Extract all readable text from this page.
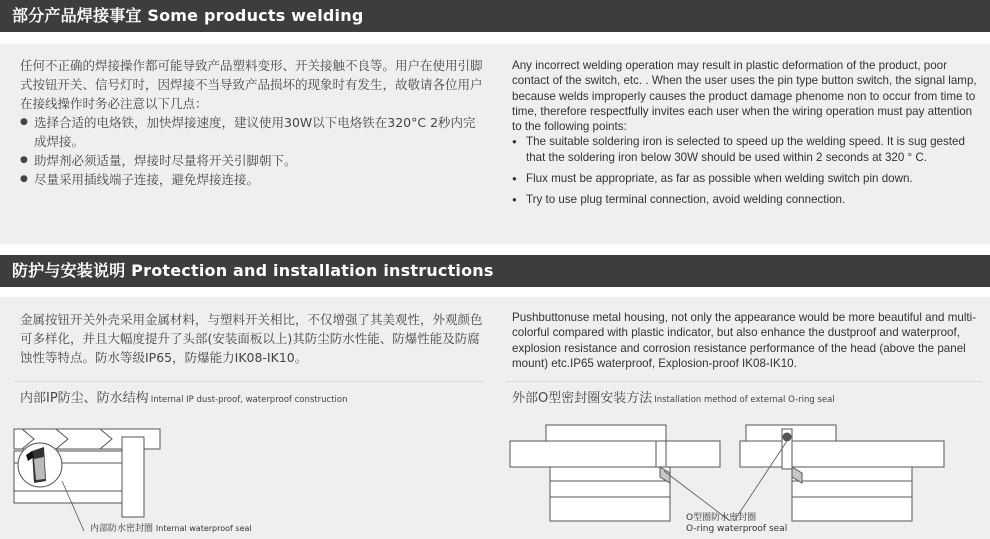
部分产品焊接事宜 Some products welding
任何不正确的焊接操作都可能导致产品塑料变形、开关接触不良等。用户在使用引脚式按钮开关、信号灯时，因焊接不当导致产品损坏的现象时有发生，故敬请各位用户在接线操作时务必注意以下几点：
● 选择合适的电烙铁，加快焊接速度，建议使用30W以下电烙铁在320°C 2秒内完成焊接。
● 助焊剂必须适量，焊接时尽量将开关引脚朝下。
● 尽量采用插线端子连接，避免焊接连接。
Any incorrect welding operation may result in plastic deformation of the product, poor contact of the switch, etc. . When the user uses the pin type button switch, the signal lamp, because welds improperly causes the product damage phenome non to occur from time to time, therefore respectfully invites each user when the wiring operation must pay attention to the following points:
● The suitable soldering iron is selected to speed up the welding speed. It is sug gested that the soldering iron below 30W should be used within 2 seconds at 320 ° C.
● Flux must be appropriate, as far as possible when welding switch pin down.
● Try to use plug terminal connection, avoid welding connection.
防护与安装说明 Protection and installation instructions
金属按钮开关外壳采用金属材料，与塑料开关相比，不仅增强了其美观性，外观颜色可多样化，并且大幅度提升了头部(安装面板以上)其防尘防水性能、防爆性能及防腐蚀性等特点。防水等级IP65，防爆能力IK08-IK10。
Pushbuttonuse metal housing, not only the appearance would be more beautiful and multi-colorful compared with plastic indicator, but also enhance the dustproof and waterproof, explosion resistance and corrosion resistance performance of the head (above the panel mount) etc.IP65 waterproof, Explosion-proof IK08-IK10.
内部IP防尘、防水结构 Internal IP dust-proof, waterproof construction	外部O型密封圈安装方法 Installation method of external O-ring seal
内部防水密封圈 Internal waterproof seal
O型圈防水密封圈
O-ring waterproof seal
